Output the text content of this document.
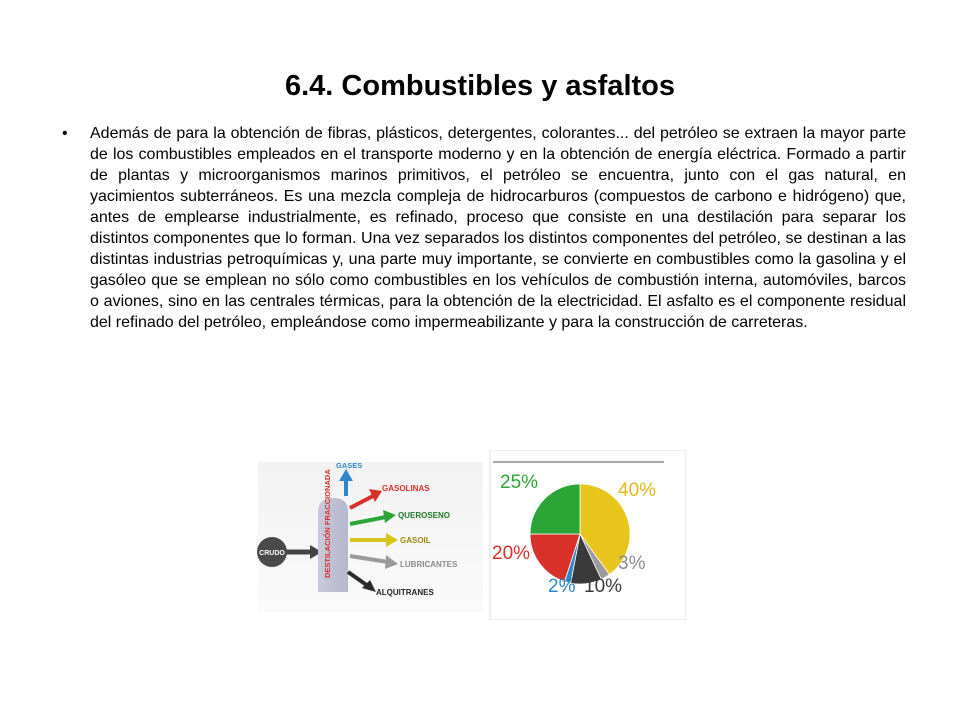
6.4. Combustibles y asfaltos
•	Además de para la obtención de fibras, plásticos, detergentes, colorantes... del petróleo se extraen la mayor parte de los combustibles empleados en el transporte moderno y en la obtención de energía eléctrica. Formado a partir de plantas y microorganismos marinos primitivos, el petróleo se encuentra, junto con el gas natural, en yacimientos subterráneos. Es una mezcla compleja de hidrocarburos (compuestos de carbono e hidrógeno) que, antes de emplearse industrialmente, es refinado, proceso que consiste en una destilación para separar los distintos componentes que lo forman. Una vez separados los distintos componentes del petróleo, se destinan a las distintas industrias petroquímicas y, una parte muy importante, se convierte en combustibles como la gasolina y el gasóleo que se emplean no sólo como combustibles en los vehículos de combustión interna, automóviles, barcos o aviones, sino en las centrales térmicas, para la obtención de la electricidad. El asfalto es el componente residual del refinado del petróleo, empleándose como impermeabilizante y para la construcción de carreteras.

CRUDO	DESTILACIÓN FRACCIONADA
GASES
GASOLINAS
QUEROSENO
GASOIL
LUBRICANTES
ALQUITRANES
25%	40%
20%	3%
2% 10%
